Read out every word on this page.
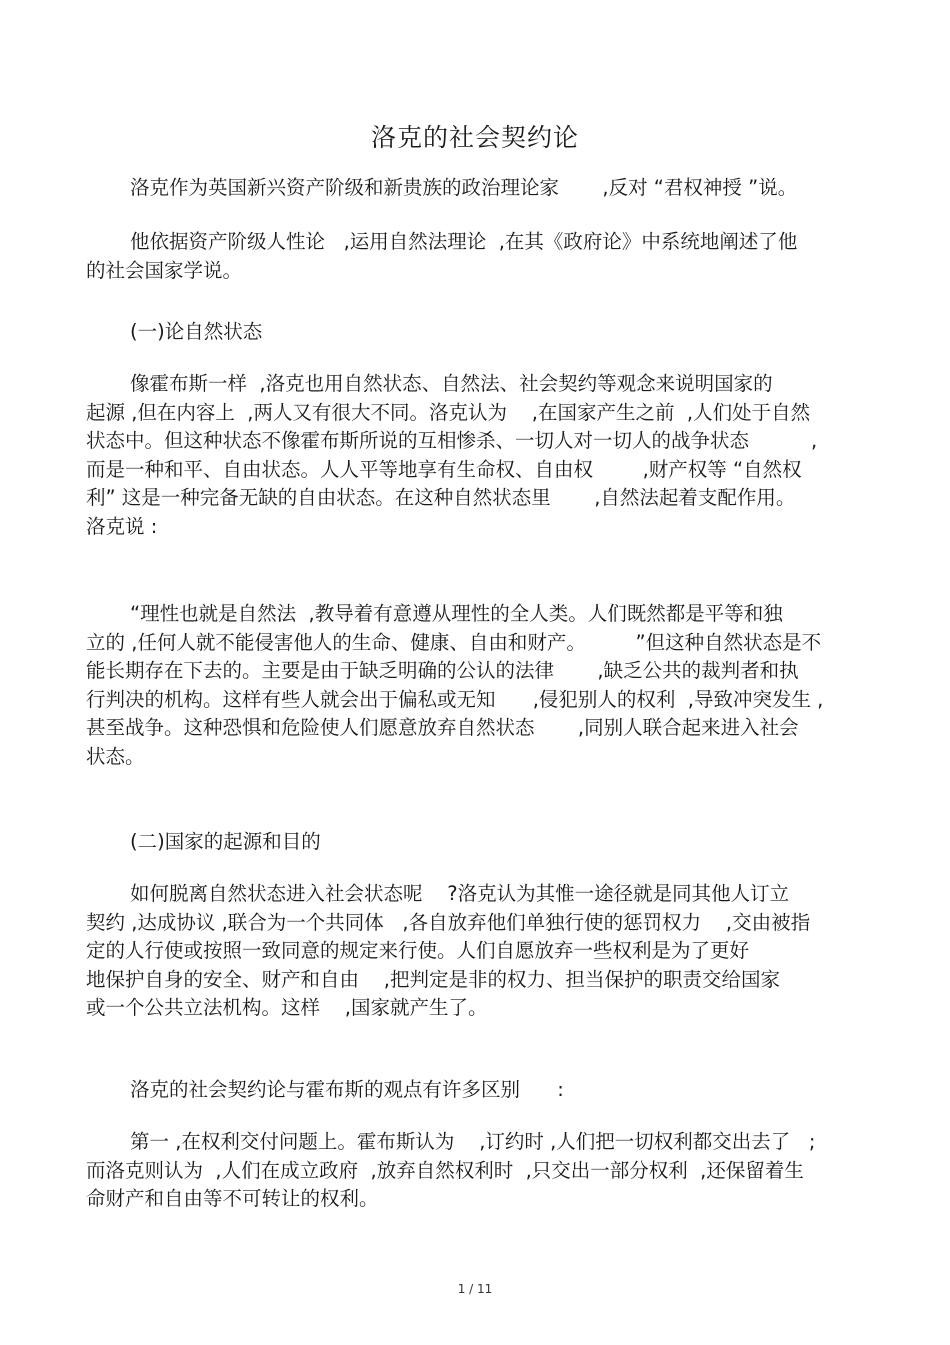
洛克的社会契约论
洛克作为英国新兴资产阶级和新贵族的政治理论家       ,反对 “君权神授 ”说。
他依据资产阶级人性论   ,运用自然法理论  ,在其《政府论》中系统地阐述了他
的社会国家学说。
(一)论自然状态
像霍布斯一样  ,洛克也用自然状态、自然法、社会契约等观念来说明国家的
起源 ,但在内容上  ,两人又有很大不同。洛克认为    ,在国家产生之前  ,人们处于自然
状态中。但这种状态不像霍布斯所说的互相惨杀、一切人对一切人的战争状态          ,
而是一种和平、自由状态。人人平等地享有生命权、自由权        ,财产权等 “自然权
利” 这是一种完备无缺的自由状态。在这种自然状态里       ,自然法起着支配作用。
洛克说 :
“理性也就是自然法  ,教导着有意遵从理性的全人类。人们既然都是平等和独
立的 ,任何人就不能侵害他人的生命、健康、自由和财产。        ”但这种自然状态是不
能长期存在下去的。主要是由于缺乏明确的公认的法律       ,缺乏公共的裁判者和执
行判决的机构。这样有些人就会出于偏私或无知      ,侵犯别人的权利  ,导致冲突发生 ,
甚至战争。这种恐惧和危险使人们愿意放弃自然状态       ,同别人联合起来进入社会
状态。
(二)国家的起源和目的
如何脱离自然状态进入社会状态呢    ?洛克认为其惟一途径就是同其他人订立
契约 ,达成协议 ,联合为一个共同体   ,各自放弃他们单独行使的惩罚权力    ,交由被指
定的人行使或按照一致同意的规定来行使。人们自愿放弃一些权利是为了更好
地保护自身的安全、财产和自由    ,把判定是非的权力、担当保护的职责交给国家
或一个公共立法机构。这样    ,国家就产生了。
洛克的社会契约论与霍布斯的观点有许多区别      :
第一 ,在权利交付问题上。霍布斯认为    ,订约时 ,人们把一切权利都交出去了   ;
而洛克则认为  ,人们在成立政府  ,放弃自然权利时  ,只交出一部分权利  ,还保留着生
命财产和自由等不可转让的权利。
1 / 11
